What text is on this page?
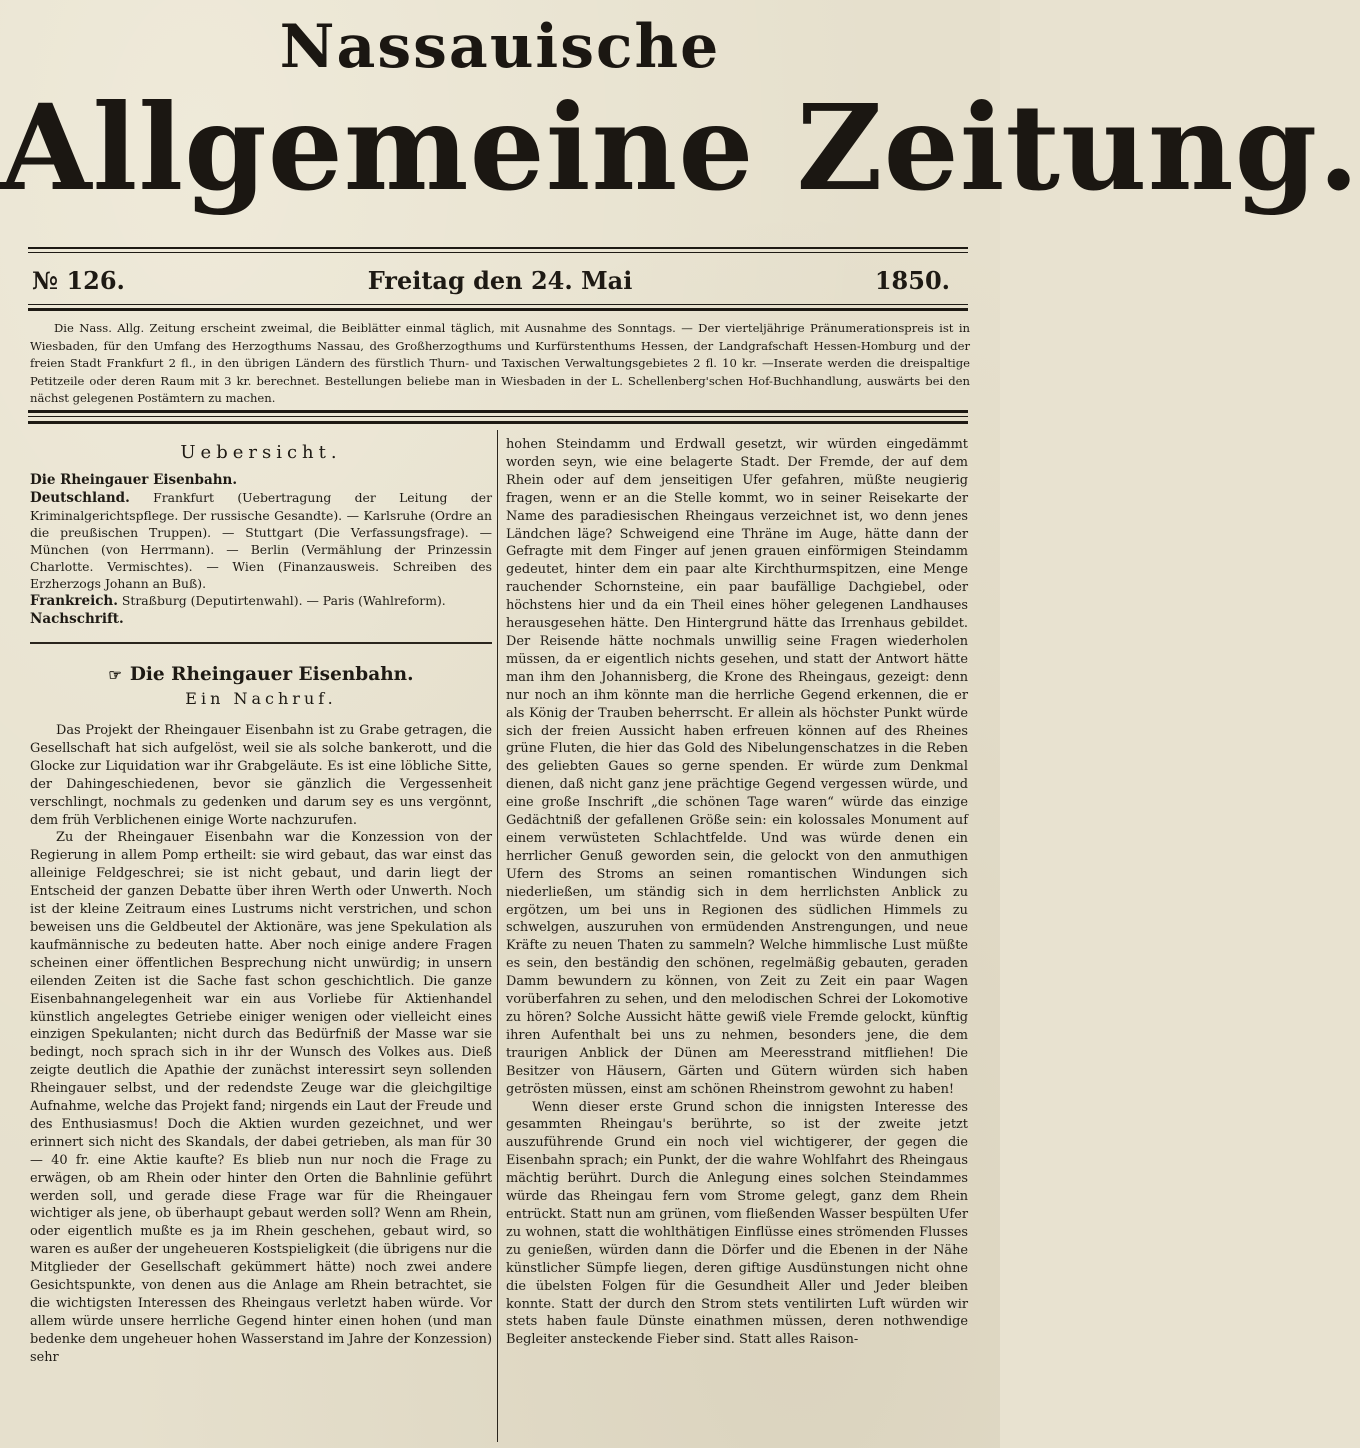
Nassauische
Allgemeine Zeitung.
№ 126.	Freitag den 24. Mai	1850.

Die Nass. Allg. Zeitung erscheint zweimal, die Beiblätter einmal täglich, mit Ausnahme des Sonntags. — Der vierteljährige Pränumerationspreis ist in Wiesbaden, für den Umfang des Herzogthums Nassau, des Großherzogthums und Kurfürstenthums Hessen, der Landgrafschaft Hessen-Homburg und der freien Stadt Frankfurt 2 fl., in den übrigen Ländern des fürstlich Thurn- und Taxischen Verwaltungsgebietes 2 fl. 10 kr. —Inserate werden die dreispaltige Petitzeile oder deren Raum mit 3 kr. berechnet. Bestellungen beliebe man in Wiesbaden in der L. Schellenberg'schen Hof-Buchhandlung, auswärts bei den nächst gelegenen Postämtern zu machen.

Uebersicht.

Die Rheingauer Eisenbahn.

Deutschland. Frankfurt (Uebertragung der Leitung der Kriminalgerichtspflege. Der russische Gesandte). — Karlsruhe (Ordre an die preußischen Truppen). — Stuttgart (Die Verfassungsfrage). — München (von Herrmann). — Berlin (Vermählung der Prinzessin Charlotte. Vermischtes). — Wien (Finanzausweis. Schreiben des Erzherzogs Johann an Buß).

Frankreich. Straßburg (Deputirtenwahl). — Paris (Wahlreform).

Nachschrift.

☞ Die Rheingauer Eisenbahn.
Ein Nachruf.

Das Projekt der Rheingauer Eisenbahn ist zu Grabe getragen, die Gesellschaft hat sich aufgelöst, weil sie als solche bankerott, und die Glocke zur Liquidation war ihr Grabgeläute. Es ist eine löbliche Sitte, der Dahingeschiedenen, bevor sie gänzlich die Vergessenheit verschlingt, nochmals zu gedenken und darum sey es uns vergönnt, dem früh Verblichenen einige Worte nachzurufen.

Zu der Rheingauer Eisenbahn war die Konzession von der Regierung in allem Pomp ertheilt: sie wird gebaut, das war einst das alleinige Feldgeschrei; sie ist nicht gebaut, und darin liegt der Entscheid der ganzen Debatte über ihren Werth oder Unwerth. Noch ist der kleine Zeitraum eines Lustrums nicht verstrichen, und schon beweisen uns die Geldbeutel der Aktionäre, was jene Spekulation als kaufmännische zu bedeuten hatte. Aber noch einige andere Fragen scheinen einer öffentlichen Besprechung nicht unwürdig; in unsern eilenden Zeiten ist die Sache fast schon geschichtlich. Die ganze Eisenbahnangelegenheit war ein aus Vorliebe für Aktienhandel künstlich angelegtes Getriebe einiger wenigen oder vielleicht eines einzigen Spekulanten; nicht durch das Bedürfniß der Masse war sie bedingt, noch sprach sich in ihr der Wunsch des Volkes aus. Dieß zeigte deutlich die Apathie der zunächst interessirt seyn sollenden Rheingauer selbst, und der redendste Zeuge war die gleichgiltige Aufnahme, welche das Projekt fand; nirgends ein Laut der Freude und des Enthusiasmus! Doch die Aktien wurden gezeichnet, und wer erinnert sich nicht des Skandals, der dabei getrieben, als man für 30 — 40 fr. eine Aktie kaufte? Es blieb nun nur noch die Frage zu erwägen, ob am Rhein oder hinter den Orten die Bahnlinie geführt werden soll, und gerade diese Frage war für die Rheingauer wichtiger als jene, ob überhaupt gebaut werden soll? Wenn am Rhein, oder eigentlich mußte es ja im Rhein geschehen, gebaut wird, so waren es außer der ungeheueren Kostspieligkeit (die übrigens nur die Mitglieder der Gesellschaft gekümmert hätte) noch zwei andere Gesichtspunkte, von denen aus die Anlage am Rhein betrachtet, sie die wichtigsten Interessen des Rheingaus verletzt haben würde. Vor allem würde unsere herrliche Gegend hinter einen hohen (und man bedenke dem ungeheuer hohen Wasserstand im Jahre der Konzession) sehr

hohen Steindamm und Erdwall gesetzt, wir würden eingedämmt worden seyn, wie eine belagerte Stadt. Der Fremde, der auf dem Rhein oder auf dem jenseitigen Ufer gefahren, müßte neugierig fragen, wenn er an die Stelle kommt, wo in seiner Reisekarte der Name des paradiesischen Rheingaus verzeichnet ist, wo denn jenes Ländchen läge? Schweigend eine Thräne im Auge, hätte dann der Gefragte mit dem Finger auf jenen grauen einförmigen Steindamm gedeutet, hinter dem ein paar alte Kirchthurmspitzen, eine Menge rauchender Schornsteine, ein paar baufällige Dachgiebel, oder höchstens hier und da ein Theil eines höher gelegenen Landhauses herausgesehen hätte. Den Hintergrund hätte das Irrenhaus gebildet. Der Reisende hätte nochmals unwillig seine Fragen wiederholen müssen, da er eigentlich nichts gesehen, und statt der Antwort hätte man ihm den Johannisberg, die Krone des Rheingaus, gezeigt: denn nur noch an ihm könnte man die herrliche Gegend erkennen, die er als König der Trauben beherrscht. Er allein als höchster Punkt würde sich der freien Aussicht haben erfreuen können auf des Rheines grüne Fluten, die hier das Gold des Nibelungenschatzes in die Reben des geliebten Gaues so gerne spenden. Er würde zum Denkmal dienen, daß nicht ganz jene prächtige Gegend vergessen würde, und eine große Inschrift „die schönen Tage waren“ würde das einzige Gedächtniß der gefallenen Größe sein: ein kolossales Monument auf einem verwüsteten Schlachtfelde. Und was würde denen ein herrlicher Genuß geworden sein, die gelockt von den anmuthigen Ufern des Stroms an seinen romantischen Windungen sich niederließen, um ständig sich in dem herrlichsten Anblick zu ergötzen, um bei uns in Regionen des südlichen Himmels zu schwelgen, auszuruhen von ermüdenden Anstrengungen, und neue Kräfte zu neuen Thaten zu sammeln? Welche himmlische Lust müßte es sein, den beständig den schönen, regelmäßig gebauten, geraden Damm bewundern zu können, von Zeit zu Zeit ein paar Wagen vorüberfahren zu sehen, und den melodischen Schrei der Lokomotive zu hören? Solche Aussicht hätte gewiß viele Fremde gelockt, künftig ihren Aufenthalt bei uns zu nehmen, besonders jene, die dem traurigen Anblick der Dünen am Meeresstrand mitfliehen! Die Besitzer von Häusern, Gärten und Gütern würden sich haben getrösten müssen, einst am schönen Rheinstrom gewohnt zu haben!

Wenn dieser erste Grund schon die innigsten Interesse des gesammten Rheingau's berührte, so ist der zweite jetzt auszuführende Grund ein noch viel wichtigerer, der gegen die Eisenbahn sprach; ein Punkt, der die wahre Wohlfahrt des Rheingaus mächtig berührt. Durch die Anlegung eines solchen Steindammes würde das Rheingau fern vom Strome gelegt, ganz dem Rhein entrückt. Statt nun am grünen, vom fließenden Wasser bespülten Ufer zu wohnen, statt die wohlthätigen Einflüsse eines strömenden Flusses zu genießen, würden dann die Dörfer und die Ebenen in der Nähe künstlicher Sümpfe liegen, deren giftige Ausdünstungen nicht ohne die übelsten Folgen für die Gesundheit Aller und Jeder bleiben konnte. Statt der durch den Strom stets ventilirten Luft würden wir stets haben faule Dünste einathmen müssen, deren nothwendige Begleiter ansteckende Fieber sind. Statt alles Raison-
